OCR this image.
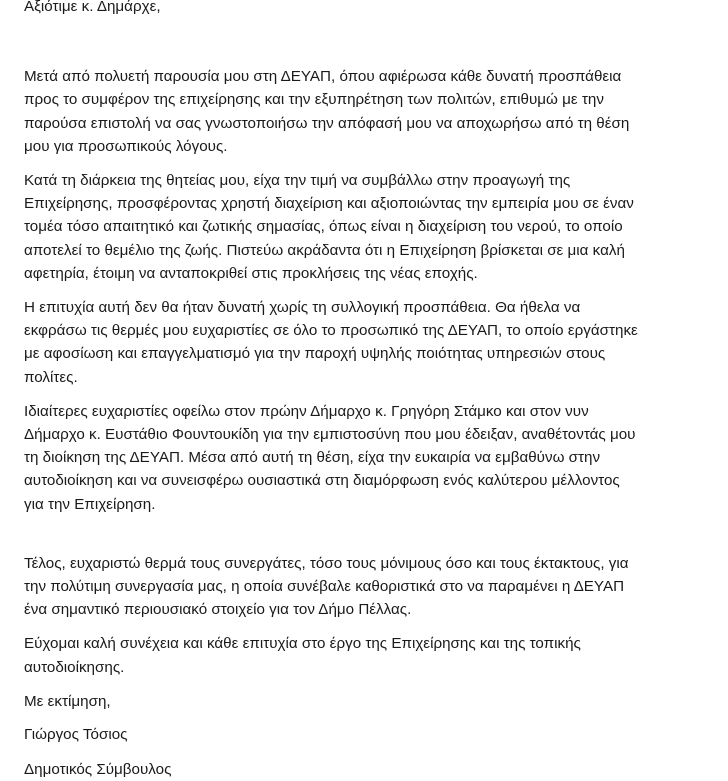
Αξιότιμε κ. Δημάρχε,

Μετά από πολυετή παρουσία μου στη ΔΕΥΑΠ, όπου αφιέρωσα κάθε δυνατή προσπάθεια
προς το συμφέρον της επιχείρησης και την εξυπηρέτηση των πολιτών, επιθυμώ με την
παρούσα επιστολή να σας γνωστοποιήσω την απόφασή μου να αποχωρήσω από τη θέση
μου για προσωπικούς λόγους.

Κατά τη διάρκεια της θητείας μου, είχα την τιμή να συμβάλλω στην προαγωγή της
Επιχείρησης, προσφέροντας χρηστή διαχείριση και αξιοποιώντας την εμπειρία μου σε έναν
τομέα τόσο απαιτητικό και ζωτικής σημασίας, όπως είναι η διαχείριση του νερού, το οποίο
αποτελεί το θεμέλιο της ζωής. Πιστεύω ακράδαντα ότι η Επιχείρηση βρίσκεται σε μια καλή
αφετηρία, έτοιμη να ανταποκριθεί στις προκλήσεις της νέας εποχής.

Η επιτυχία αυτή δεν θα ήταν δυνατή χωρίς τη συλλογική προσπάθεια. Θα ήθελα να
εκφράσω τις θερμές μου ευχαριστίες σε όλο το προσωπικό της ΔΕΥΑΠ, το οποίο εργάστηκε
με αφοσίωση και επαγγελματισμό για την παροχή υψηλής ποιότητας υπηρεσιών στους
πολίτες.

Ιδιαίτερες ευχαριστίες οφείλω στον πρώην Δήμαρχο κ. Γρηγόρη Στάμκο και στον νυν
Δήμαρχο κ. Ευστάθιο Φουντουκίδη για την εμπιστοσύνη που μου έδειξαν, αναθέτοντάς μου
τη διοίκηση της ΔΕΥΑΠ. Μέσα από αυτή τη θέση, είχα την ευκαιρία να εμβαθύνω στην
αυτοδιοίκηση και να συνεισφέρω ουσιαστικά στη διαμόρφωση ενός καλύτερου μέλλοντος
για την Επιχείρηση.

Τέλος, ευχαριστώ θερμά τους συνεργάτες, τόσο τους μόνιμους όσο και τους έκτακτους, για
την πολύτιμη συνεργασία μας, η οποία συνέβαλε καθοριστικά στο να παραμένει η ΔΕΥΑΠ
ένα σημαντικό περιουσιακό στοιχείο για τον Δήμο Πέλλας.

Εύχομαι καλή συνέχεια και κάθε επιτυχία στο έργο της Επιχείρησης και της τοπικής
αυτοδιοίκησης.

Με εκτίμηση,

Γιώργος Τόσιος

Δημοτικός Σύμβουλος
